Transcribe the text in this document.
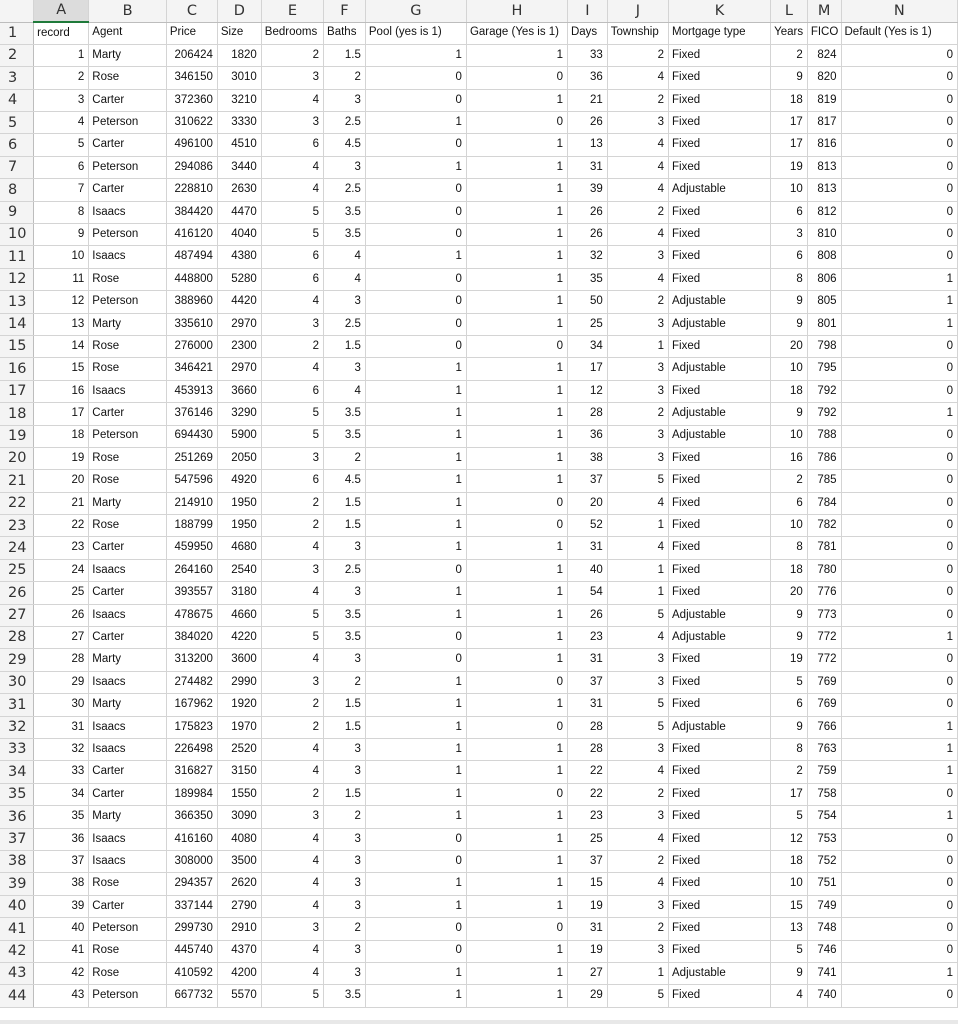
	A	B	C	D	E	F	G	H	I	J	K	L	M	N
1	record	Agent	Price	Size	Bedrooms	Baths	Pool (yes is 1)	Garage (Yes is 1)	Days	Township	Mortgage type	Years	FICO	Default (Yes is 1)
2	1	Marty	206424	1820	2	1.5	1	1	33	2	Fixed	2	824	0
3	2	Rose	346150	3010	3	2	0	0	36	4	Fixed	9	820	0
4	3	Carter	372360	3210	4	3	0	1	21	2	Fixed	18	819	0
5	4	Peterson	310622	3330	3	2.5	1	0	26	3	Fixed	17	817	0
6	5	Carter	496100	4510	6	4.5	0	1	13	4	Fixed	17	816	0
7	6	Peterson	294086	3440	4	3	1	1	31	4	Fixed	19	813	0
8	7	Carter	228810	2630	4	2.5	0	1	39	4	Adjustable	10	813	0
9	8	Isaacs	384420	4470	5	3.5	0	1	26	2	Fixed	6	812	0
10	9	Peterson	416120	4040	5	3.5	0	1	26	4	Fixed	3	810	0
11	10	Isaacs	487494	4380	6	4	1	1	32	3	Fixed	6	808	0
12	11	Rose	448800	5280	6	4	0	1	35	4	Fixed	8	806	1
13	12	Peterson	388960	4420	4	3	0	1	50	2	Adjustable	9	805	1
14	13	Marty	335610	2970	3	2.5	0	1	25	3	Adjustable	9	801	1
15	14	Rose	276000	2300	2	1.5	0	0	34	1	Fixed	20	798	0
16	15	Rose	346421	2970	4	3	1	1	17	3	Adjustable	10	795	0
17	16	Isaacs	453913	3660	6	4	1	1	12	3	Fixed	18	792	0
18	17	Carter	376146	3290	5	3.5	1	1	28	2	Adjustable	9	792	1
19	18	Peterson	694430	5900	5	3.5	1	1	36	3	Adjustable	10	788	0
20	19	Rose	251269	2050	3	2	1	1	38	3	Fixed	16	786	0
21	20	Rose	547596	4920	6	4.5	1	1	37	5	Fixed	2	785	0
22	21	Marty	214910	1950	2	1.5	1	0	20	4	Fixed	6	784	0
23	22	Rose	188799	1950	2	1.5	1	0	52	1	Fixed	10	782	0
24	23	Carter	459950	4680	4	3	1	1	31	4	Fixed	8	781	0
25	24	Isaacs	264160	2540	3	2.5	0	1	40	1	Fixed	18	780	0
26	25	Carter	393557	3180	4	3	1	1	54	1	Fixed	20	776	0
27	26	Isaacs	478675	4660	5	3.5	1	1	26	5	Adjustable	9	773	0
28	27	Carter	384020	4220	5	3.5	0	1	23	4	Adjustable	9	772	1
29	28	Marty	313200	3600	4	3	0	1	31	3	Fixed	19	772	0
30	29	Isaacs	274482	2990	3	2	1	0	37	3	Fixed	5	769	0
31	30	Marty	167962	1920	2	1.5	1	1	31	5	Fixed	6	769	0
32	31	Isaacs	175823	1970	2	1.5	1	0	28	5	Adjustable	9	766	1
33	32	Isaacs	226498	2520	4	3	1	1	28	3	Fixed	8	763	1
34	33	Carter	316827	3150	4	3	1	1	22	4	Fixed	2	759	1
35	34	Carter	189984	1550	2	1.5	1	0	22	2	Fixed	17	758	0
36	35	Marty	366350	3090	3	2	1	1	23	3	Fixed	5	754	1
37	36	Isaacs	416160	4080	4	3	0	1	25	4	Fixed	12	753	0
38	37	Isaacs	308000	3500	4	3	0	1	37	2	Fixed	18	752	0
39	38	Rose	294357	2620	4	3	1	1	15	4	Fixed	10	751	0
40	39	Carter	337144	2790	4	3	1	1	19	3	Fixed	15	749	0
41	40	Peterson	299730	2910	3	2	0	0	31	2	Fixed	13	748	0
42	41	Rose	445740	4370	4	3	0	1	19	3	Fixed	5	746	0
43	42	Rose	410592	4200	4	3	1	1	27	1	Adjustable	9	741	1
44	43	Peterson	667732	5570	5	3.5	1	1	29	5	Fixed	4	740	0
